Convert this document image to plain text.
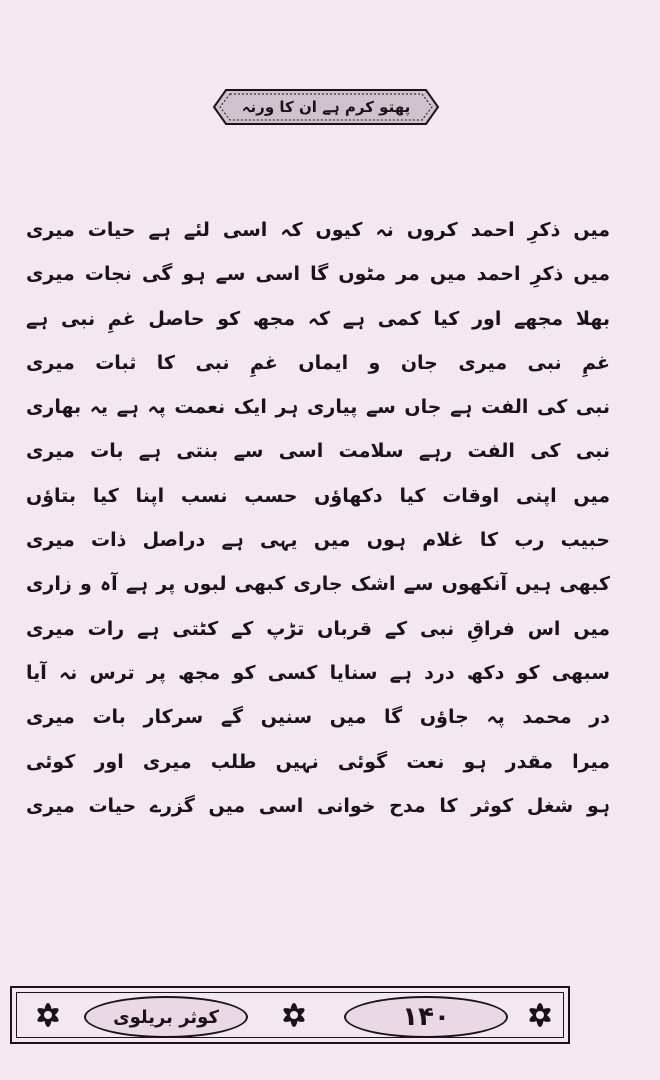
پھتو کرم ہے ان کا ورنہ
میں ذکرِ احمد کروں نہ کیوں کہ اسی لئے ہے حیات میری
میں ذکرِ احمد میں مر مٹوں گا اسی سے ہو گی نجات میری
بھلا مجھے اور کیا کمی ہے کہ مجھ کو حاصل غمِ نبی ہے
غمِ نبی میری جان و ایماں غمِ نبی کا ثبات میری
نبی کی الفت ہے جاں سے پیاری ہر ایک نعمت پہ ہے یہ بھاری
نبی کی الفت رہے سلامت اسی سے بنتی ہے بات میری
میں اپنی اوقات کیا دکھاؤں حسب نسب اپنا کیا بتاؤں
حبیب رب کا غلام ہوں میں یہی ہے دراصل ذات میری
کبھی ہیں آنکھوں سے اشک جاری کبھی لبوں پر ہے آہ و زاری
میں اس فراقِ نبی کے قرباں تڑپ کے کٹتی ہے رات میری
سبھی کو دکھ درد ہے سنایا کسی کو مجھ پر ترس نہ آیا
در محمد پہ جاؤں گا میں سنیں گے سرکار بات میری
میرا مقدر ہو نعت گوئی نہیں طلب میری اور کوئی
ہو شغل کوثر کا مدح خوانی اسی میں گزرے حیات میری
کوثر بریلوی	١۴٠
